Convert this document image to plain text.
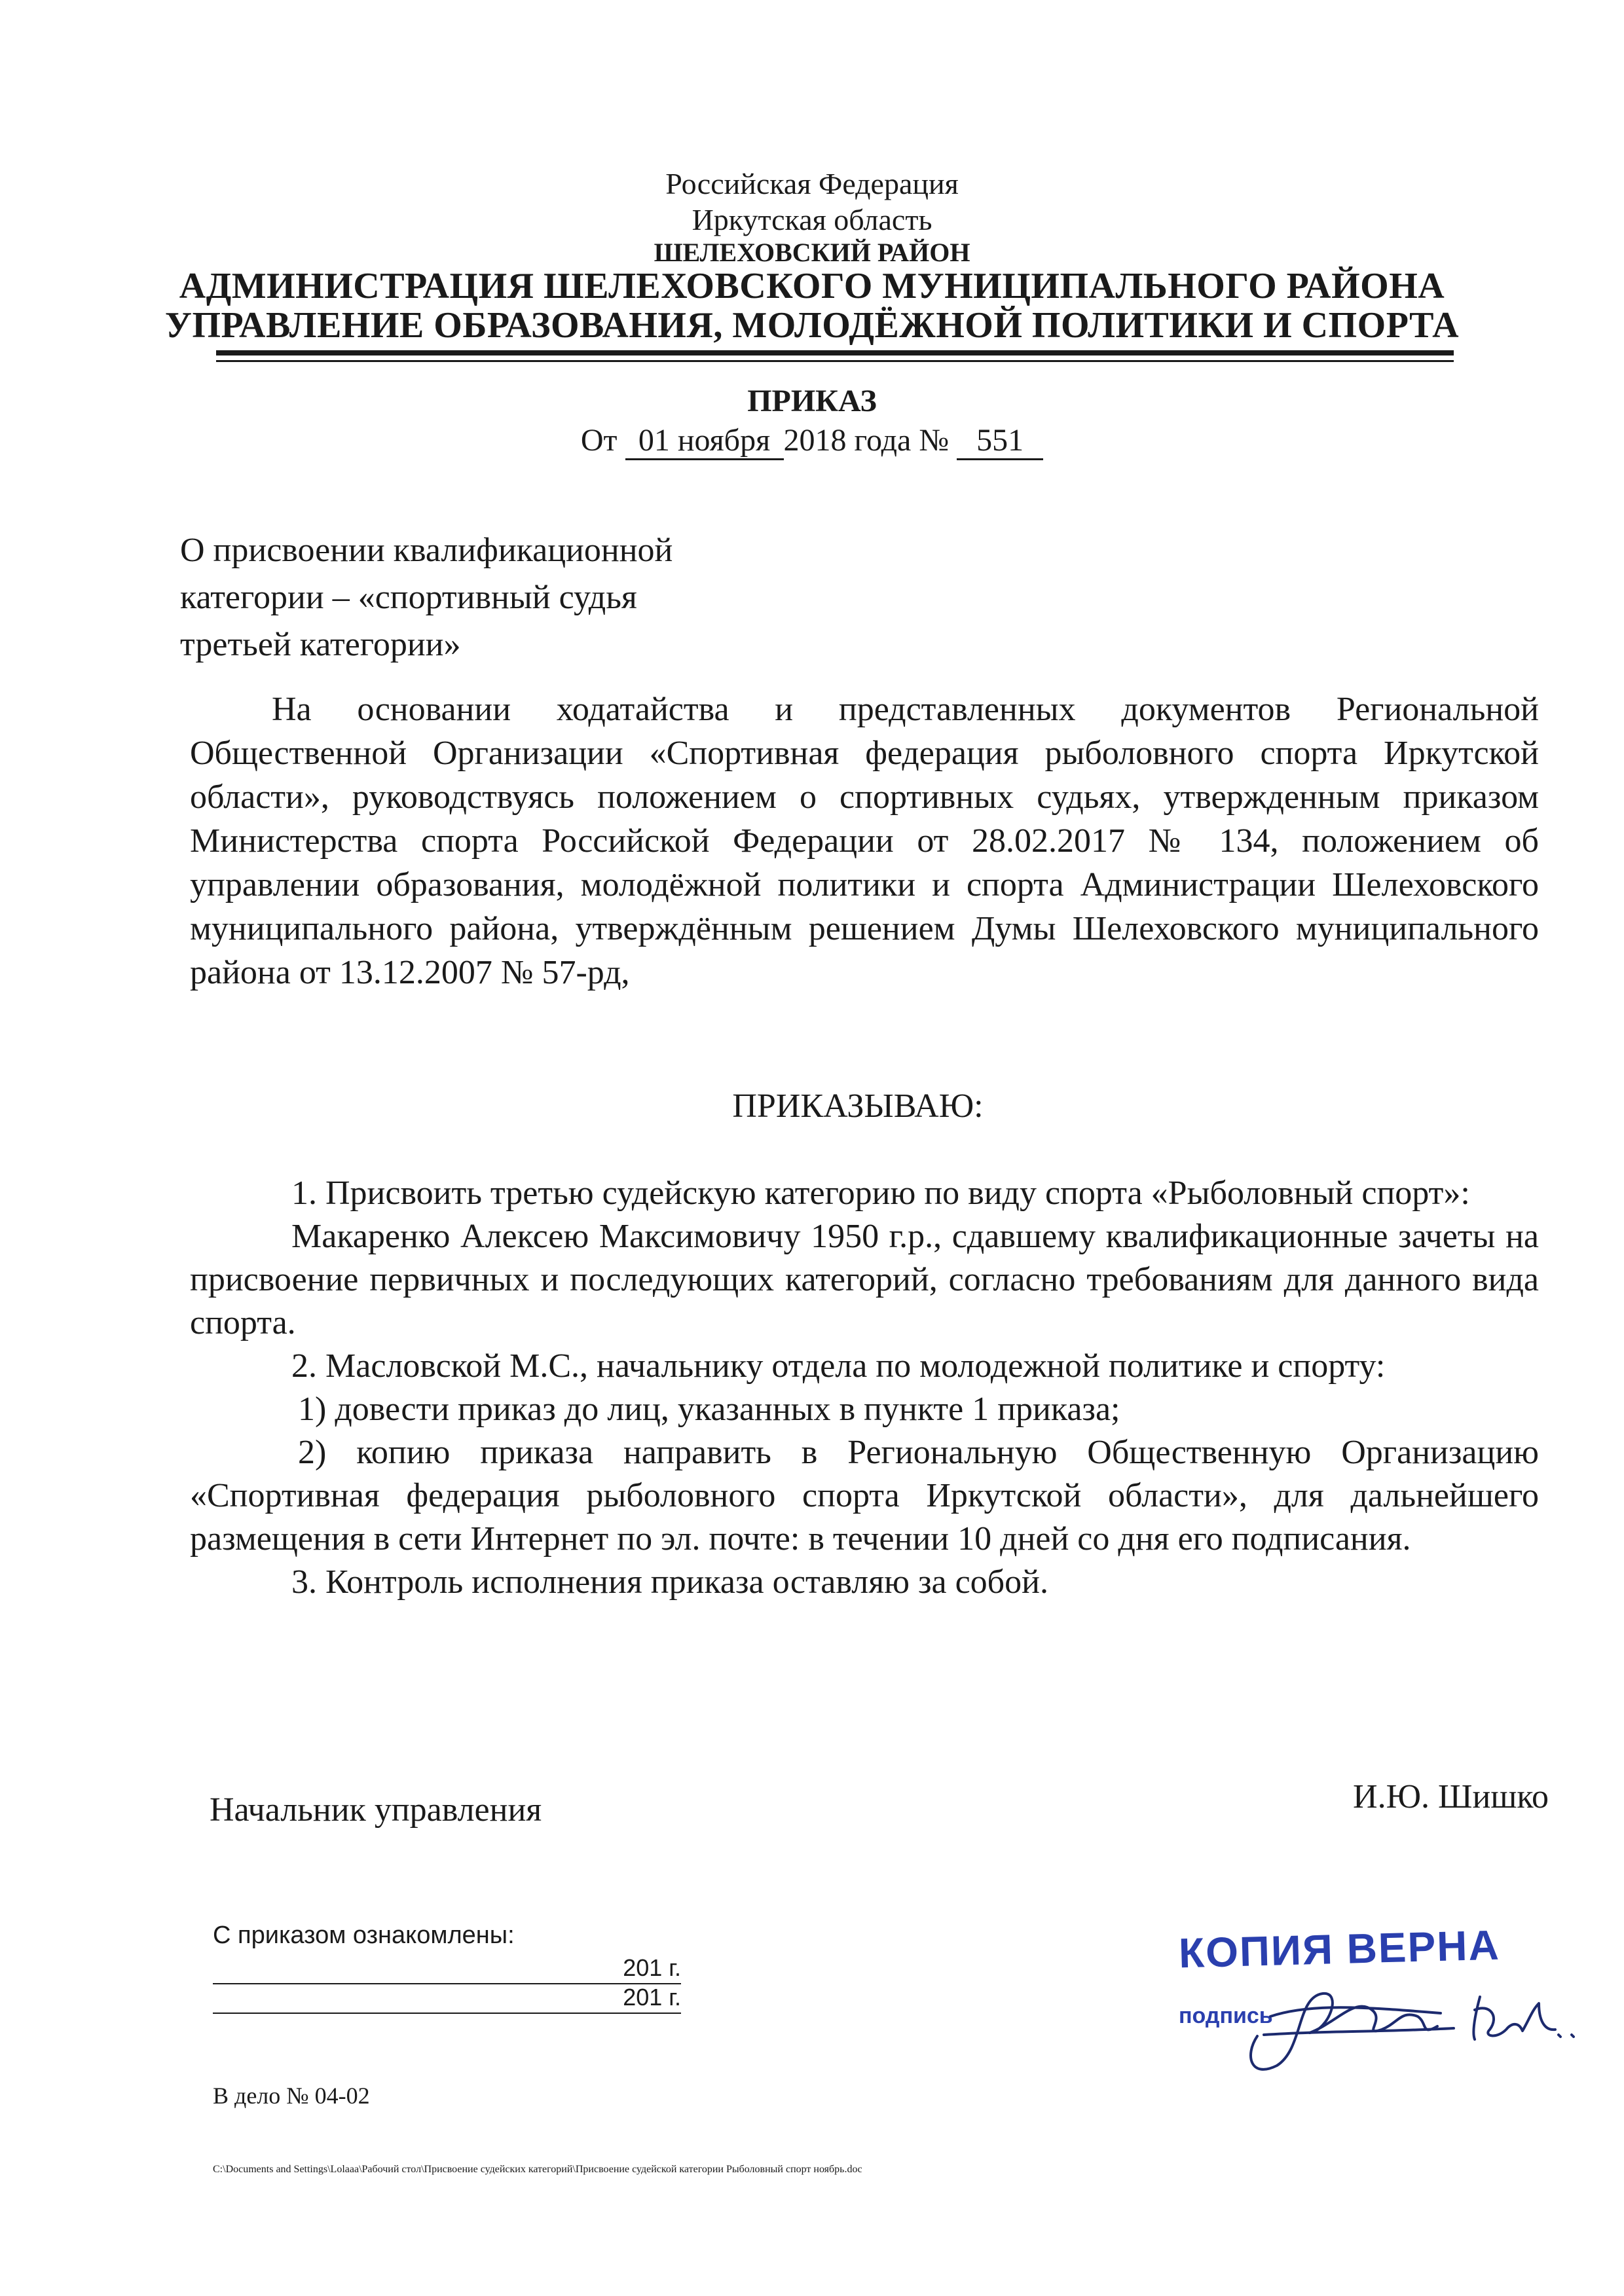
Российская Федерация
Иркутская область
ШЕЛЕХОВСКИЙ РАЙОН
АДМИНИСТРАЦИЯ ШЕЛЕХОВСКОГО МУНИЦИПАЛЬНОГО РАЙОНА
УПРАВЛЕНИЕ ОБРАЗОВАНИЯ, МОЛОДЁЖНОЙ ПОЛИТИКИ И СПОРТА
ПРИКАЗ
От 01 ноября 2018 года № 551
О присвоении квалификационной
категории – «спортивный судья
третьей категории»

На основании ходатайства и представленных документов Региональной Общественной Организации «Спортивная федерация рыболовного спорта Иркутской области», руководствуясь положением о спортивных судьях, утвержденным приказом Министерства спорта Российской Федерации от 28.02.2017 № 134, положением об управлении образования, молодёжной политики и спорта Администрации Шелеховского муниципального района, утверждённым решением Думы Шелеховского муниципального района от 13.12.2007 № 57-рд,

ПРИКАЗЫВАЮ:

1. Присвоить третью судейскую категорию по виду спорта «Рыболовный спорт»:

Макаренко Алексею Максимовичу 1950 г.р., сдавшему квалификационные зачеты на присвоение первичных и последующих категорий, согласно требованиям для данного вида спорта.

2. Масловской М.С., начальнику отдела по молодежной политике и спорту:

1) довести приказ до лиц, указанных в пункте 1 приказа;

2) копию приказа направить в Региональную Общественную Организацию «Спортивная федерация рыболовного спорта Иркутской области», для дальнейшего размещения в сети Интернет по эл. почте: в течении 10 дней со дня его подписания.

3. Контроль исполнения приказа оставляю за собой.

Начальник управления	И.Ю. Шишко
С приказом ознакомлены:
201 г.
201 г.
В дело № 04-02
C:\Documents and Settings\Lolaaa\Рабочий стол\Присвоение судейских категорий\Присвоение судейской категории Рыболовный спорт ноябрь.doc
КОПИЯ ВЕРНА
подпись
